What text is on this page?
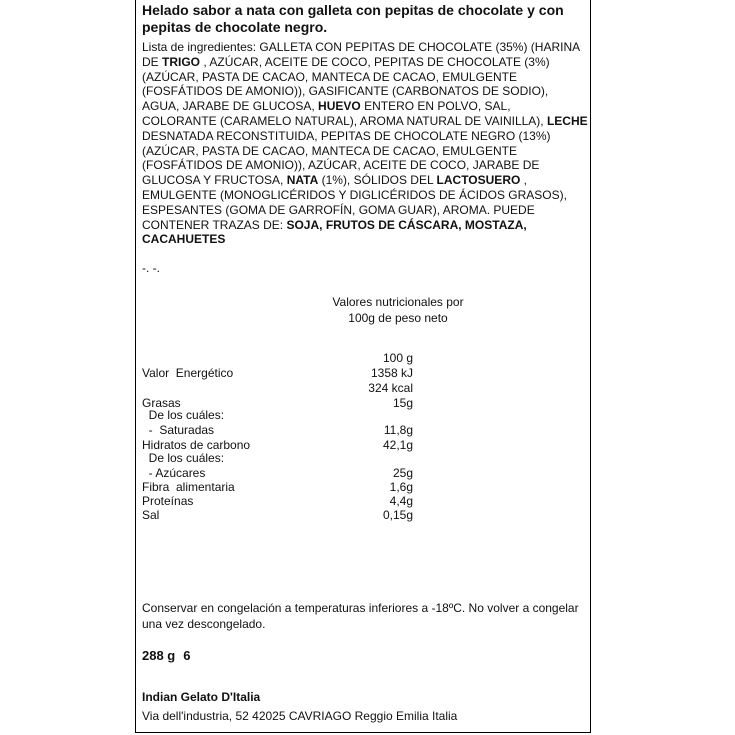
Helado sabor a nata con galleta con pepitas de chocolate y con pepitas de chocolate negro.

Lista de ingredientes: GALLETA CON PEPITAS DE CHOCOLATE (35%) (HARINA DE TRIGO , AZÚCAR, ACEITE DE COCO, PEPITAS DE CHOCOLATE (3%) (AZÚCAR, PASTA DE CACAO, MANTECA DE CACAO, EMULGENTE (FOSFÁTIDOS DE AMONIO)), GASIFICANTE (CARBONATOS DE SODIO), AGUA, JARABE DE GLUCOSA, HUEVO ENTERO EN POLVO, SAL, COLORANTE (CARAMELO NATURAL), AROMA NATURAL DE VAINILLA), LECHE DESNATADA RECONSTITUIDA, PEPITAS DE CHOCOLATE NEGRO (13%) (AZÚCAR, PASTA DE CACAO, MANTECA DE CACAO, EMULGENTE (FOSFÁTIDOS DE AMONIO)), AZÚCAR, ACEITE DE COCO, JARABE DE GLUCOSA Y FRUCTOSA, NATA (1%), SÓLIDOS DEL LACTOSUERO , EMULGENTE (MONOGLICÉRIDOS Y DIGLICÉRIDOS DE ÁCIDOS GRASOS), ESPESANTES (GOMA DE GARROFÍN, GOMA GUAR), AROMA. PUEDE CONTENER TRAZAS DE: SOJA, FRUTOS DE CÁSCARA, MOSTAZA, CACAHUETES

-. -.
Valores nutricionales por
100g de peso neto
100 g
Valor  Energético	1358 kJ
324 kcal
Grasas	15g
De los cuáles:
-  Saturadas	11,8g
Hidratos de carbono	42,1g
De los cuáles:
- Azúcares	25g
Fibra  alimentaria	1,6g
Proteínas	4,4g
Sal	0,15g

Conservar en congelación a temperaturas inferiores a -18ºC. No volver a congelar una vez descongelado.

288 g 6
Indian Gelato D'Italia
Via dell'industria, 52 42025 CAVRIAGO Reggio Emilia Italia
